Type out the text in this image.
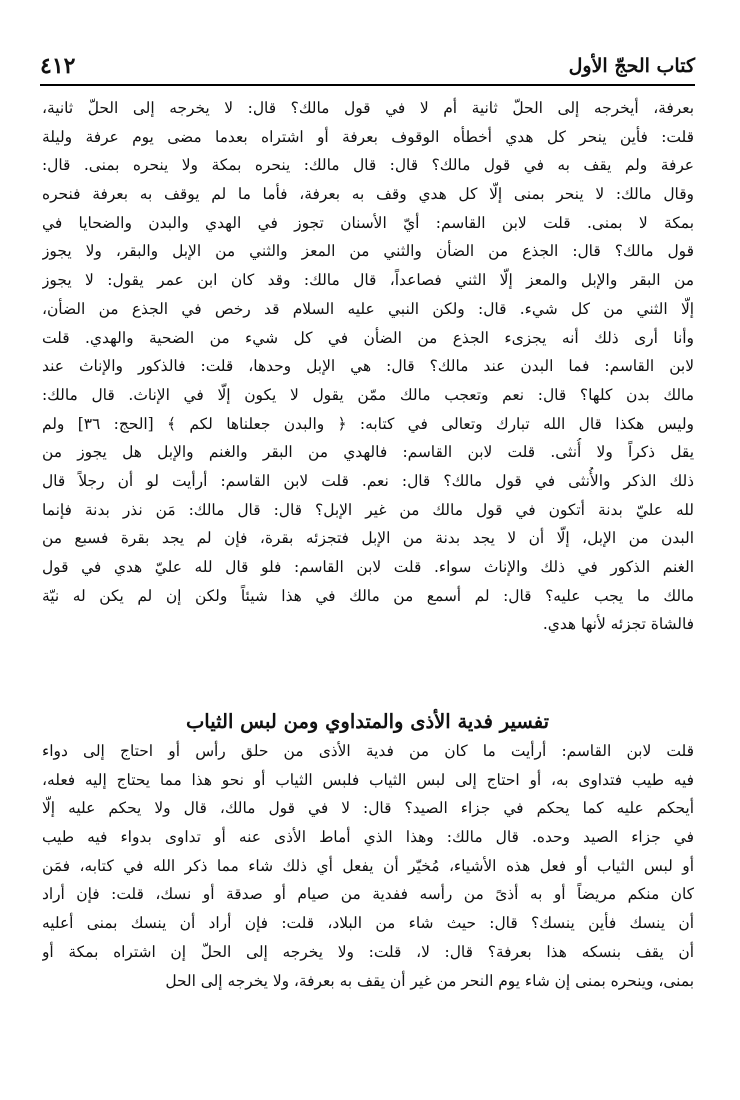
٤١٢	كتاب الحجّ الأول
بعرفة، أيخرجه إلى الحلّ ثانية أم لا في قول مالك؟ قال: لا يخرجه إلى الحلّ ثانية،
قلت: فأين ينحر كل هدي أخطأه الوقوف بعرفة أو اشتراه بعدما مضى يوم عرفة وليلة
عرفة ولم يقف به في قول مالك؟ قال: قال مالك: ينحره بمكة ولا ينحره بمنى. قال:
وقال مالك: لا ينحر بمنى إلّا كل هدي وقف به بعرفة، فأما ما لم يوقف به بعرفة فنحره
بمكة لا بمنى. قلت لابن القاسم: أيّ الأسنان تجوز في الهدي والبدن والضحايا في
قول مالك؟ قال: الجذع من الضأن والثني من المعز والثني من الإبل والبقر، ولا يجوز
من البقر والإبل والمعز إلّا الثني فصاعداً، قال مالك: وقد كان ابن عمر يقول: لا يجوز
إلّا الثني من كل شيء. قال: ولكن النبي عليه السلام قد رخص في الجذع من الضأن،
وأنا أرى ذلك أنه يجزىء الجذع من الضأن في كل شيء من الضحية والهدي. قلت
لابن القاسم: فما البدن عند مالك؟ قال: هي الإبل وحدها، قلت: فالذكور والإناث عند
مالك بدن كلها؟ قال: نعم وتعجب مالك ممّن يقول لا يكون إلّا في الإناث. قال مالك:
وليس هكذا قال الله تبارك وتعالى في كتابه: ﴿ والبدن جعلناها لكم ﴾ [الحج: ٣٦] ولم
يقل ذكراً ولا أُنثى. قلت لابن القاسم: فالهدي من البقر والغنم والإبل هل يجوز من
ذلك الذكر والأُنثى في قول مالك؟ قال: نعم. قلت لابن القاسم: أرأيت لو أن رجلاً قال
لله عليّ بدنة أتكون في قول مالك من غير الإبل؟ قال: قال مالك: مَن نذر بدنة فإنما
البدن من الإبل، إلّا أن لا يجد بدنة من الإبل فتجزئه بقرة، فإن لم يجد بقرة فسبع من
الغنم الذكور في ذلك والإناث سواء. قلت لابن القاسم: فلو قال لله عليّ هدي في قول
مالك ما يجب عليه؟ قال: لم أسمع من مالك في هذا شيئاً ولكن إن لم يكن له نيّة
فالشاة تجزئه لأنها هدي.
تفسير فدية الأذى والمتداوي ومن لبس الثياب
قلت لابن القاسم: أرأيت ما كان من فدية الأذى من حلق رأس أو احتاج إلى دواء
فيه طيب فتداوى به، أو احتاج إلى لبس الثياب فلبس الثياب أو نحو هذا مما يحتاج إليه فعله،
أيحكم عليه كما يحكم في جزاء الصيد؟ قال: لا في قول مالك، قال ولا يحكم عليه إلّا
في جزاء الصيد وحده. قال مالك: وهذا الذي أماط الأذى عنه أو تداوى بدواء فيه طيب
أو لبس الثياب أو فعل هذه الأشياء، مُخيّر أن يفعل أي ذلك شاء مما ذكر الله في كتابه، فمَن
كان منكم مريضاً أو به أذىً من رأسه ففدية من صيام أو صدقة أو نسك، قلت: فإن أراد
أن ينسك فأين ينسك؟ قال: حيث شاء من البلاد، قلت: فإن أراد أن ينسك بمنى أعليه
أن يقف بنسكه هذا بعرفة؟ قال: لا، قلت: ولا يخرجه إلى الحلّ إن اشتراه بمكة أو
بمنى، وينحره بمنى إن شاء يوم النحر من غير أن يقف به بعرفة، ولا يخرجه إلى الحل
